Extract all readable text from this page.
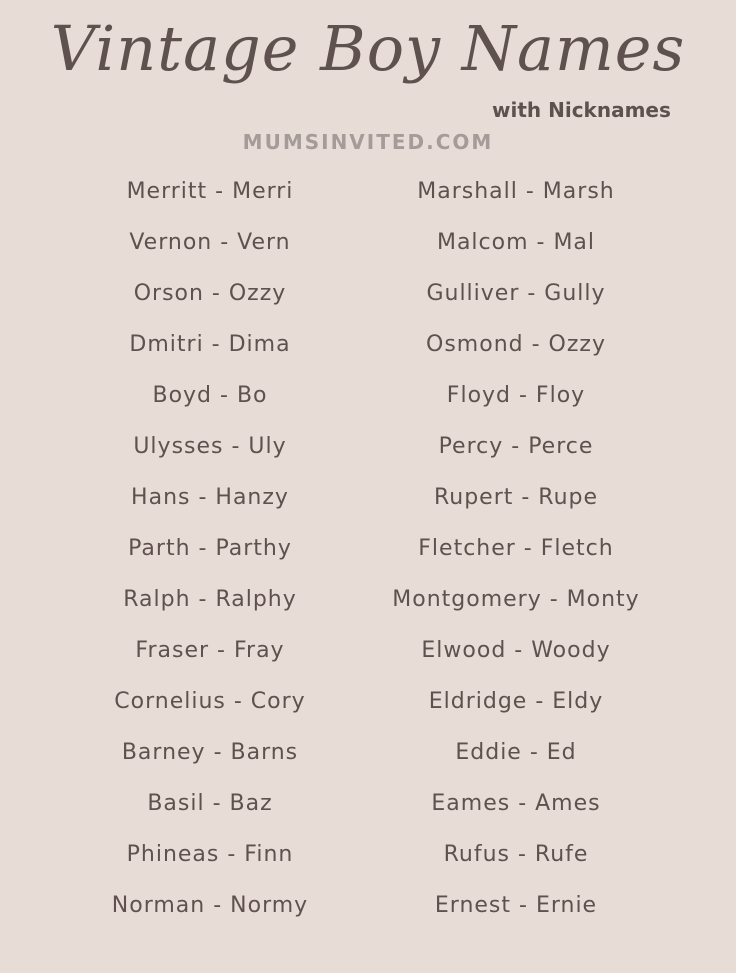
Vintage Boy Names
with Nicknames
MUMSINVITED.COM
Merritt - Merri
Vernon - Vern
Orson - Ozzy
Dmitri - Dima
Boyd - Bo
Ulysses - Uly
Hans - Hanzy
Parth - Parthy
Ralph - Ralphy
Fraser - Fray
Cornelius - Cory
Barney - Barns
Basil - Baz
Phineas - Finn
Norman - Normy
Marshall - Marsh
Malcom - Mal
Gulliver - Gully
Osmond - Ozzy
Floyd - Floy
Percy - Perce
Rupert - Rupe
Fletcher - Fletch
Montgomery - Monty
Elwood - Woody
Eldridge - Eldy
Eddie - Ed
Eames - Ames
Rufus - Rufe
Ernest - Ernie
